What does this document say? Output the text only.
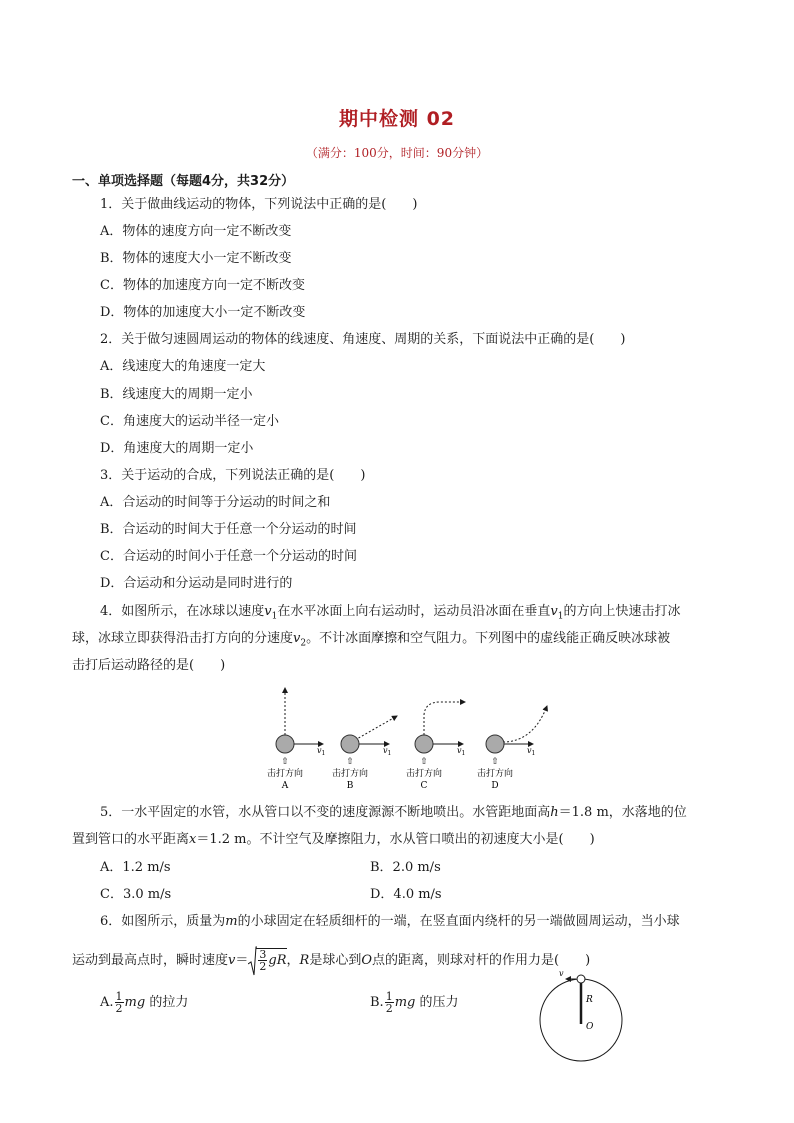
期中检测 02
（满分：100分，时间：90分钟）
一、单项选择题（每题4分，共32分）
1．关于做曲线运动的物体，下列说法中正确的是(　　)
A．物体的速度方向一定不断改变
B．物体的速度大小一定不断改变
C．物体的加速度方向一定不断改变
D．物体的加速度大小一定不断改变
2．关于做匀速圆周运动的物体的线速度、角速度、周期的关系，下面说法中正确的是(　　)
A．线速度大的角速度一定大
B．线速度大的周期一定小
C．角速度大的运动半径一定小
D．角速度大的周期一定小
3．关于运动的合成，下列说法正确的是(　　)
A．合运动的时间等于分运动的时间之和
B．合运动的时间大于任意一个分运动的时间
C．合运动的时间小于任意一个分运动的时间
D．合运动和分运动是同时进行的
4．如图所示，在冰球以速度$v_1$在水平冰面上向右运动时，运动员沿冰面在垂直$v_1$的方向上快速击打冰
球，冰球立即获得沿击打方向的分速度$v_2$。不计冰面摩擦和空气阻力。下列图中的虚线能正确反映冰球被
击打后运动路径的是(　　)
$v_1$
⇧
击打方向
A
$v_1$
⇧
击打方向
B
$v_1$
⇧
击打方向
C
$v_1$
⇧
击打方向
D
5．一水平固定的水管，水从管口以不变的速度源源不断地喷出。水管距地面高h＝1.8 m，水落地的位
置到管口的水平距离x＝1.2 m。不计空气及摩擦阻力，水从管口喷出的初速度大小是(　　)
A．1.2 m/s	B．2.0 m/s
C．3.0 m/s	D．4.0 m/s
6．如图所示，质量为m的小球固定在轻质细杆的一端，在竖直面内绕杆的另一端做圆周运动，当小球
运动到最高点时，瞬时速度$v= \frac{3}{2}$ gR，R是球心到O点的距离，则球对杆的作用力是(　　)
A. $\frac{1}{2}$ mg 的拉力	B. $\frac{1}{2}$ mg 的压力
v
R
O
